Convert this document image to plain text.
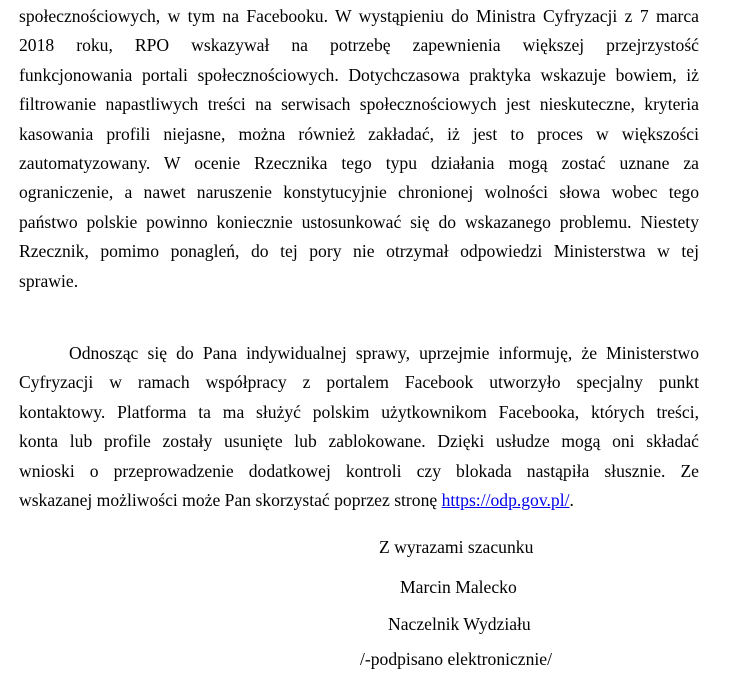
społecznościowych, w tym na Facebooku. W wystąpieniu do Ministra Cyfryzacji z 7 marca
2018 roku, RPO wskazywał na potrzebę zapewnienia większej przejrzystość
funkcjonowania portali społecznościowych. Dotychczasowa praktyka wskazuje bowiem, iż
filtrowanie napastliwych treści na serwisach społecznościowych jest nieskuteczne, kryteria
kasowania profili niejasne, można również zakładać, iż jest to proces w większości
zautomatyzowany. W ocenie Rzecznika tego typu działania mogą zostać uznane za
ograniczenie, a nawet naruszenie konstytucyjnie chronionej wolności słowa wobec tego
państwo polskie powinno koniecznie ustosunkować się do wskazanego problemu. Niestety
Rzecznik, pomimo ponagleń, do tej pory nie otrzymał odpowiedzi Ministerstwa w tej
sprawie.
Odnosząc się do Pana indywidualnej sprawy, uprzejmie informuję, że Ministerstwo
Cyfryzacji w ramach współpracy z portalem Facebook utworzyło specjalny punkt
kontaktowy. Platforma ta ma służyć polskim użytkownikom Facebooka, których treści,
konta lub profile zostały usunięte lub zablokowane. Dzięki usłudze mogą oni składać
wnioski o przeprowadzenie dodatkowej kontroli czy blokada nastąpiła słusznie. Ze
wskazanej możliwości może Pan skorzystać poprzez stronę https://odp.gov.pl/.
Z wyrazami szacunku
Marcin Malecko
Naczelnik Wydziału
/-podpisano elektronicznie/
